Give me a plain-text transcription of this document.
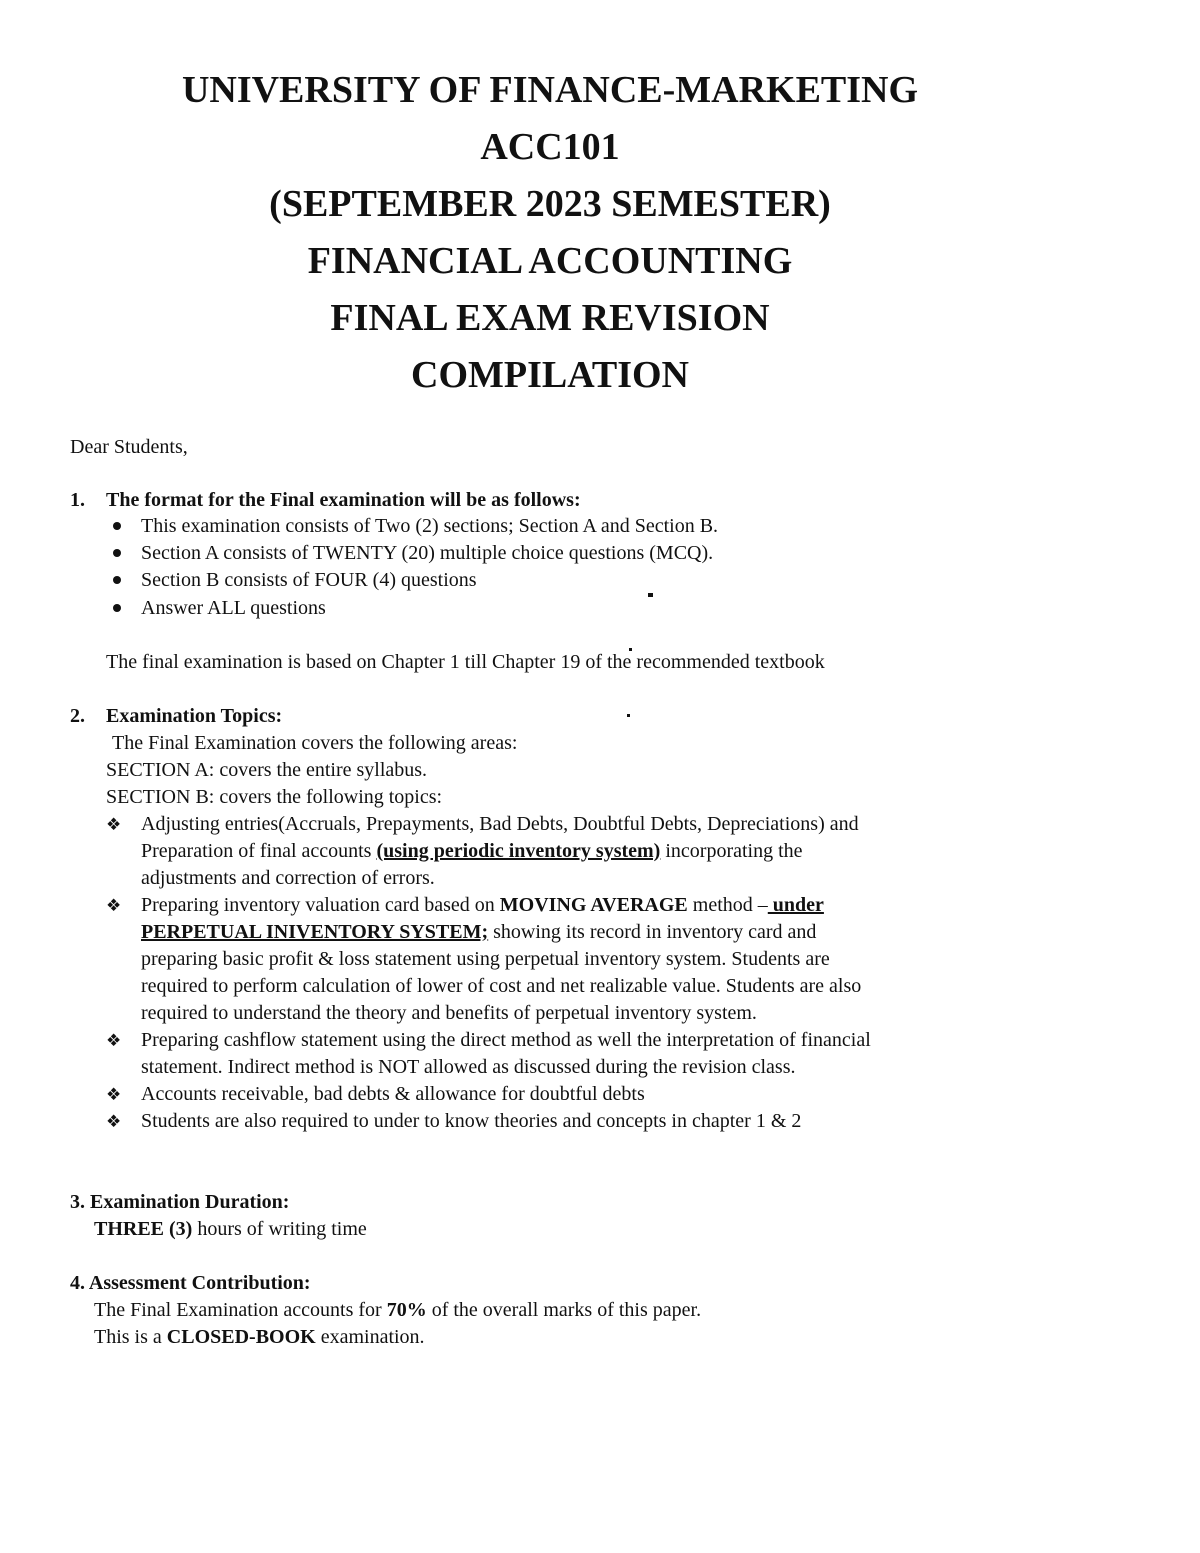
UNIVERSITY OF FINANCE-MARKETING

ACC101

(SEPTEMBER 2023 SEMESTER)

FINANCIAL ACCOUNTING

FINAL EXAM REVISION

COMPILATION

Dear Students,
1. The format for the Final examination will be as follows:
This examination consists of Two (2) sections; Section A and Section B.
Section A consists of TWENTY (20) multiple choice questions (MCQ).
Section B consists of FOUR (4) questions
Answer ALL questions
The final examination is based on Chapter 1 till Chapter 19 of the recommended textbook
2. Examination Topics:
The Final Examination covers the following areas:
SECTION A: covers the entire syllabus.
SECTION B: covers the following topics:
❖ Adjusting entries(Accruals, Prepayments, Bad Debts, Doubtful Debts, Depreciations) and
Preparation of final accounts (using periodic inventory system) incorporating the
adjustments and correction of errors.
❖ Preparing inventory valuation card based on MOVING AVERAGE method – under
PERPETUAL INIVENTORY SYSTEM; showing its record in inventory card and
preparing basic profit & loss statement using perpetual inventory system. Students are
required to perform calculation of lower of cost and net realizable value. Students are also
required to understand the theory and benefits of perpetual inventory system.
❖ Preparing cashflow statement using the direct method as well the interpretation of financial
statement. Indirect method is NOT allowed as discussed during the revision class.
❖ Accounts receivable, bad debts & allowance for doubtful debts
❖ Students are also required to under to know theories and concepts in chapter 1 & 2
3. Examination Duration:
THREE (3) hours of writing time
4. Assessment Contribution:
The Final Examination accounts for 70% of the overall marks of this paper.
This is a CLOSED-BOOK examination.
